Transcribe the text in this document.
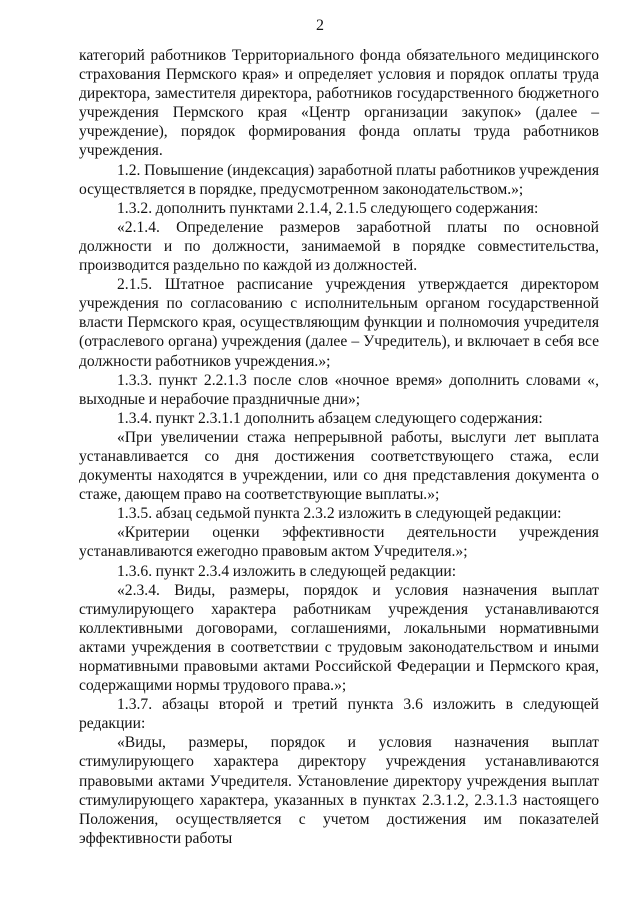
2

категорий работников Территориального фонда обязательного медицинского страхования Пермского края» и определяет условия и порядок оплаты труда директора, заместителя директора, работников государственного бюджетного учреждения Пермского края «Центр организации закупок» (далее – учреждение), порядок формирования фонда оплаты труда работников учреждения.

1.2. Повышение (индексация) заработной платы работников учреждения осуществляется в порядке, предусмотренном законодательством.»;

1.3.2. дополнить пунктами 2.1.4, 2.1.5 следующего содержания:

«2.1.4. Определение размеров заработной платы по основной должности и по должности, занимаемой в порядке совместительства, производится раздельно по каждой из должностей.

2.1.5. Штатное расписание учреждения утверждается директором учреждения по согласованию с исполнительным органом государственной власти Пермского края, осуществляющим функции и полномочия учредителя (отраслевого органа) учреждения (далее – Учредитель), и включает в себя все должности работников учреждения.»;

1.3.3. пункт 2.2.1.3 после слов «ночное время» дополнить словами «, выходные и нерабочие праздничные дни»;

1.3.4. пункт 2.3.1.1 дополнить абзацем следующего содержания:

«При увеличении стажа непрерывной работы, выслуги лет выплата устанавливается со дня достижения соответствующего стажа, если документы находятся в учреждении, или со дня представления документа о стаже, дающем право на соответствующие выплаты.»;

1.3.5. абзац седьмой пункта 2.3.2 изложить в следующей редакции:

«Критерии оценки эффективности деятельности учреждения устанавливаются ежегодно правовым актом Учредителя.»;

1.3.6. пункт 2.3.4 изложить в следующей редакции:

«2.3.4. Виды, размеры, порядок и условия назначения выплат стимулирующего характера работникам учреждения устанавливаются коллективными договорами, соглашениями, локальными нормативными актами учреждения в соответствии с трудовым законодательством и иными нормативными правовыми актами Российской Федерации и Пермского края, содержащими нормы трудового права.»;

1.3.7. абзацы второй и третий пункта 3.6 изложить в следующей редакции:

«Виды, размеры, порядок и условия назначения выплат стимулирующего характера директору учреждения устанавливаются правовыми актами Учредителя. Установление директору учреждения выплат стимулирующего характера, указанных в пунктах 2.3.1.2, 2.3.1.3 настоящего Положения, осуществляется с учетом достижения им показателей эффективности работы
